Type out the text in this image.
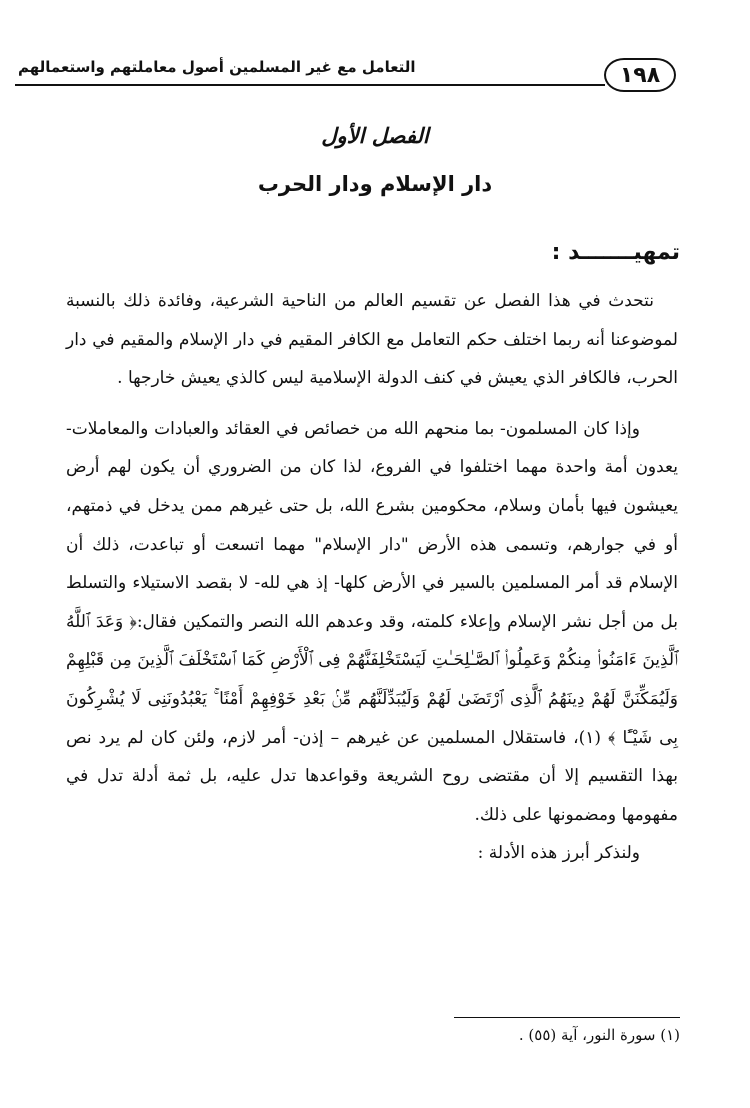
التعامل مع غير المسلمين أصول معاملتهم واستعمالهم	١٩٨
الفصل الأول
دار الإسلام ودار الحرب
تمهيـــــــد :

نتحدث في هذا الفصل عن تقسيم العالم من الناحية الشرعية، وفائدة ذلك بالنسبة لموضوعنا أنه ربما اختلف حكم التعامل مع الكافر المقيم في دار الإسلام والمقيم في دار الحرب، فالكافر الذي يعيش في كنف الدولة الإسلامية ليس كالذي يعيش خارجها .

وإذا كان المسلمون- بما منحهم الله من خصائص في العقائد والعبادات والمعاملات- يعدون أمة واحدة مهما اختلفوا في الفروع، لذا كان من الضروري أن يكون لهم أرض يعيشون فيها بأمان وسلام، محكومين بشرع الله، بل حتى غيرهم ممن يدخل في ذمتهم، أو في جوارهم، وتسمى هذه الأرض "دار الإسلام" مهما اتسعت أو تباعدت، ذلك أن الإسلام قد أمر المسلمين بالسير في الأرض كلها- إذ هي لله- لا بقصد الاستيلاء والتسلط بل من أجل نشر الإسلام وإعلاء كلمته، وقد وعدهم الله النصر والتمكين فقال:﴿ وَعَدَ ٱللَّهُ ٱلَّذِينَ ءَامَنُوا۟ مِنكُمْ وَعَمِلُوا۟ ٱلصَّـٰلِحَـٰتِ لَيَسْتَخْلِفَنَّهُمْ فِى ٱلْأَرْضِ كَمَا ٱسْتَخْلَفَ ٱلَّذِينَ مِن قَبْلِهِمْ وَلَيُمَكِّنَنَّ لَهُمْ دِينَهُمُ ٱلَّذِى ٱرْتَضَىٰ لَهُمْ وَلَيُبَدِّلَنَّهُم مِّنۢ بَعْدِ خَوْفِهِمْ أَمْنًا ۚ يَعْبُدُونَنِى لَا يُشْرِكُونَ بِى شَيْـًٔا ﴾ (١)، فاستقلال المسلمين عن غيرهم – إذن- أمر لازم، ولئن كان لم يرد نص بهذا التقسيم إلا أن مقتضى روح الشريعة وقواعدها تدل عليه، بل ثمة أدلة تدل في مفهومها ومضمونها على ذلك.

ولنذكر أبرز هذه الأدلة :

(١) سورة النور، آية (٥٥) .
